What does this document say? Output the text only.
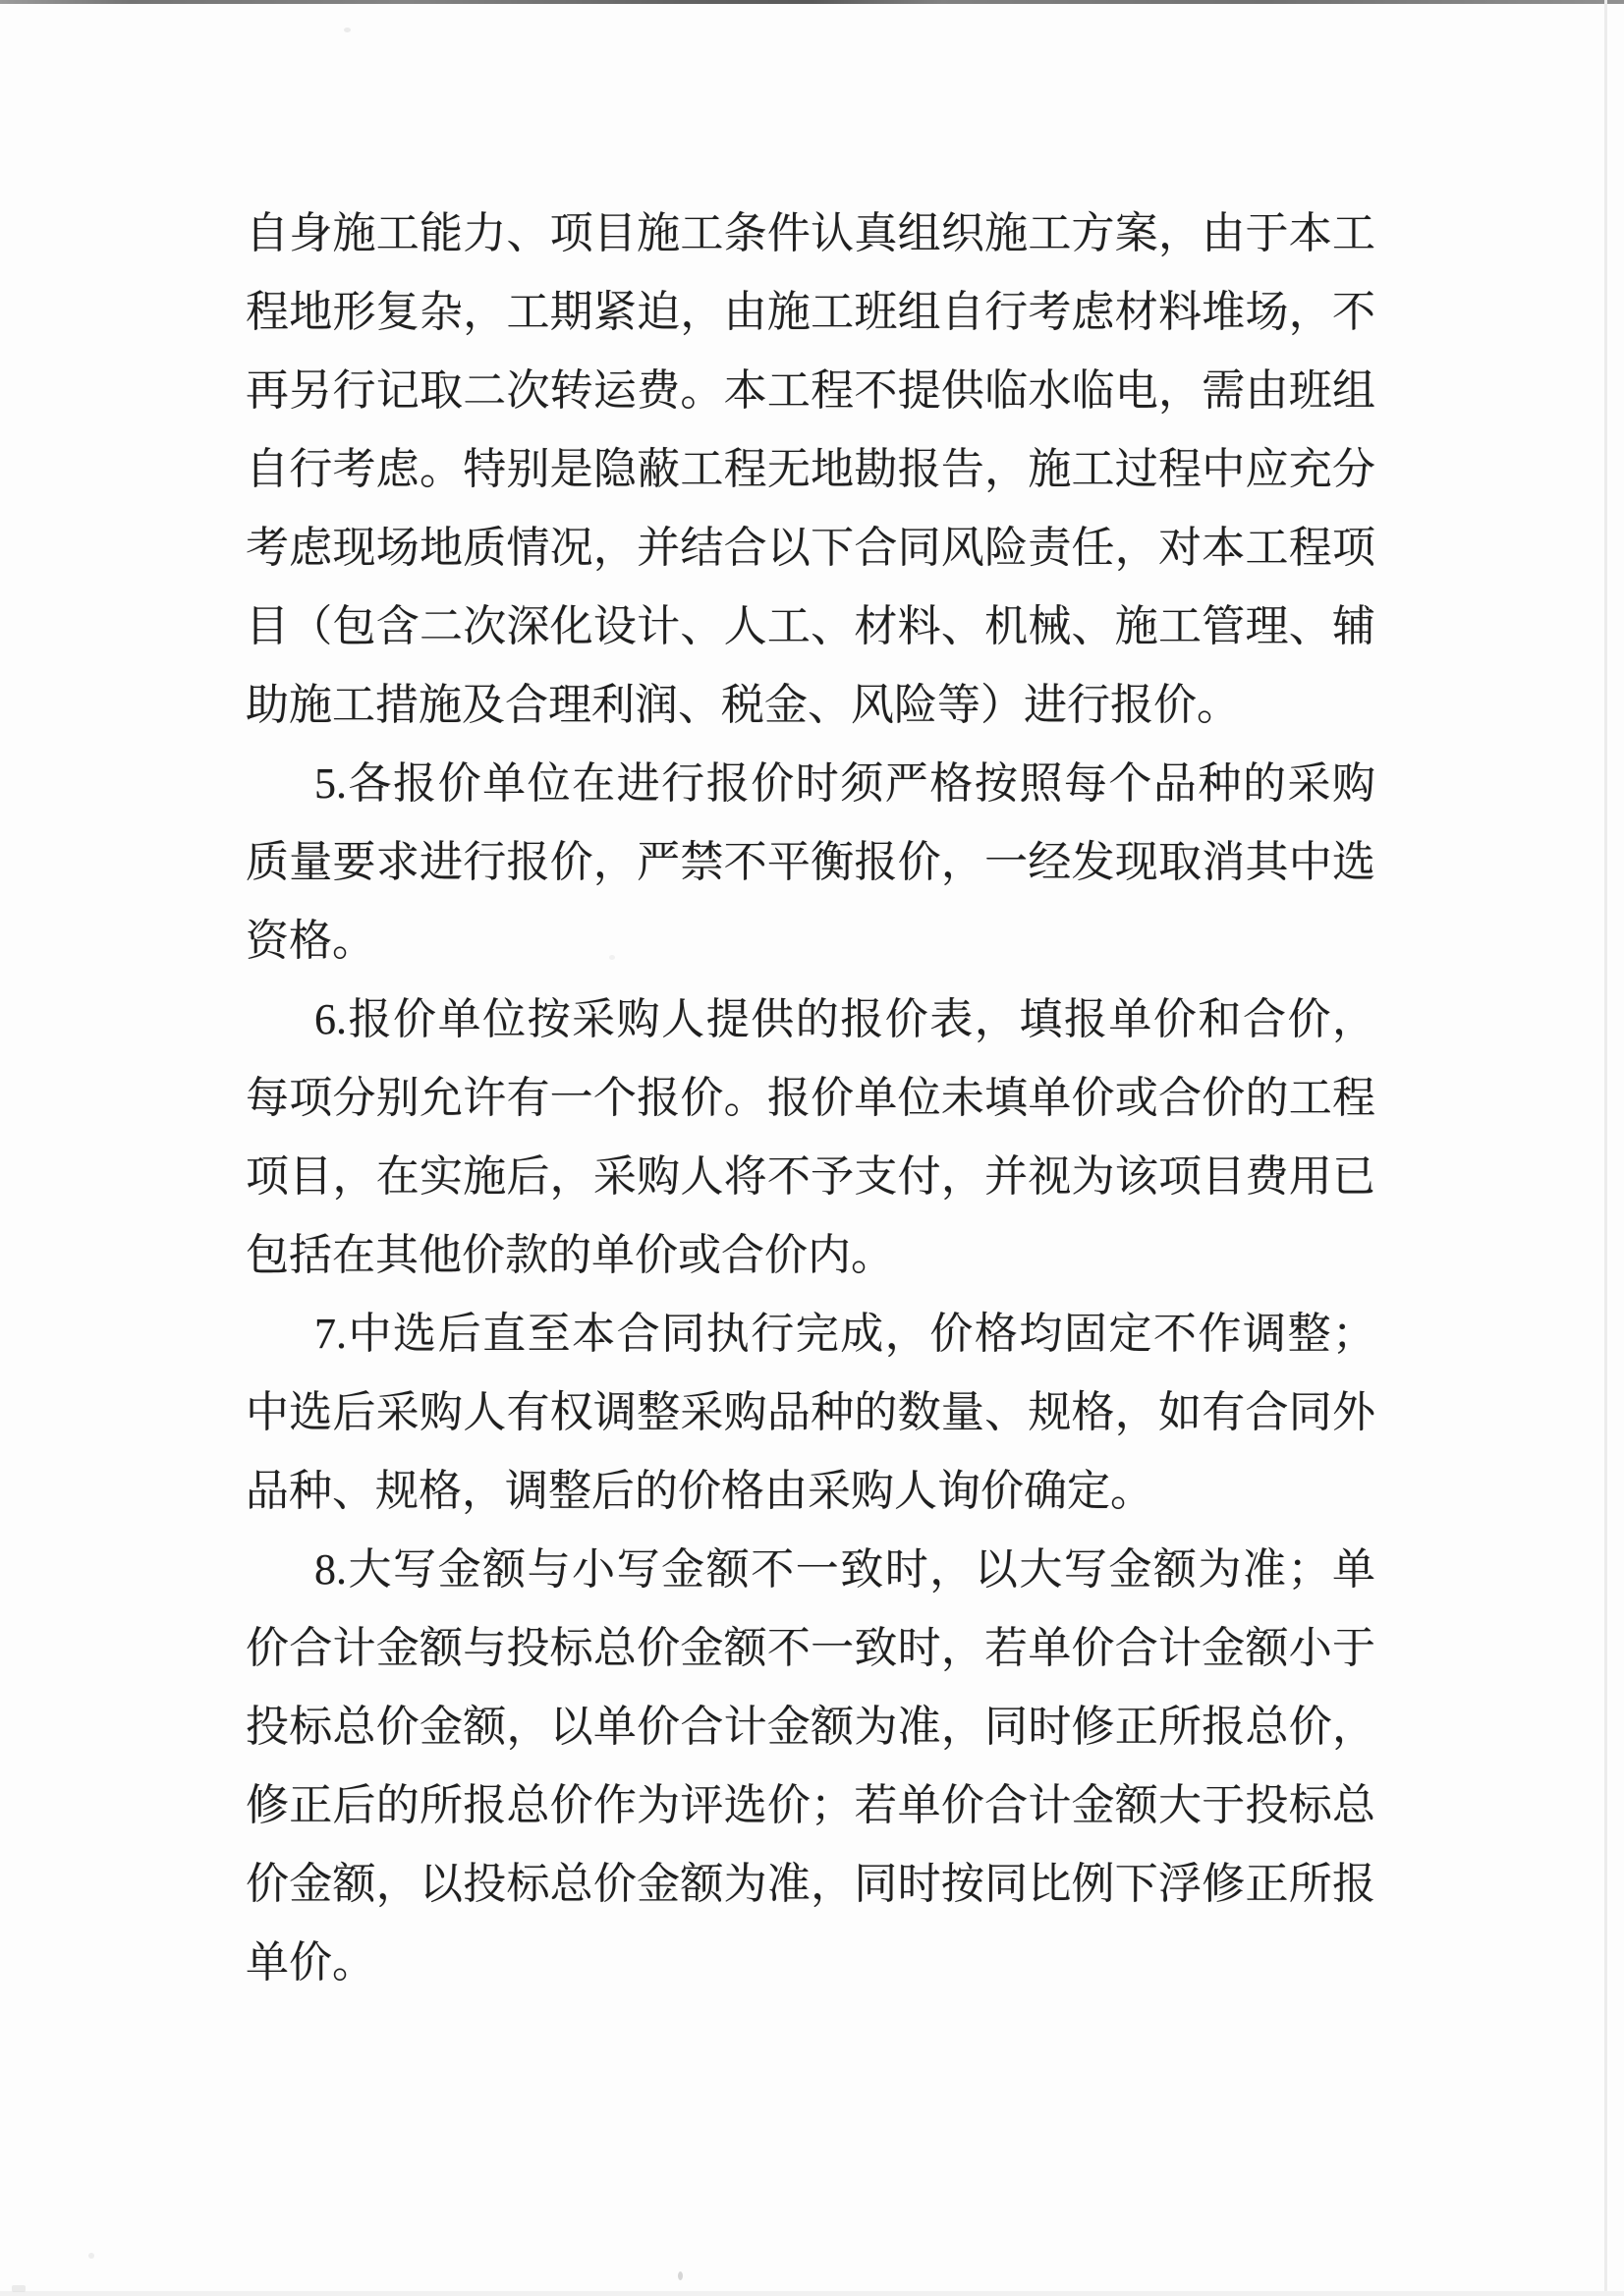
自身施工能力、项目施工条件认真组织施工方案，由于本工
程地形复杂，工期紧迫，由施工班组自行考虑材料堆场，不
再另行记取二次转运费。本工程不提供临水临电，需由班组
自行考虑。特别是隐蔽工程无地勘报告，施工过程中应充分
考虑现场地质情况，并结合以下合同风险责任，对本工程项
目（包含二次深化设计、人工、材料、机械、施工管理、辅
助施工措施及合理利润、税金、风险等）进行报价。
5.各报价单位在进行报价时须严格按照每个品种的采购
质量要求进行报价，严禁不平衡报价，一经发现取消其中选
资格。
6.报价单位按采购人提供的报价表，填报单价和合价，
每项分别允许有一个报价。报价单位未填单价或合价的工程
项目，在实施后，采购人将不予支付，并视为该项目费用已
包括在其他价款的单价或合价内。
7.中选后直至本合同执行完成，价格均固定不作调整；
中选后采购人有权调整采购品种的数量、规格，如有合同外
品种、规格，调整后的价格由采购人询价确定。
8.大写金额与小写金额不一致时，以大写金额为准；单
价合计金额与投标总价金额不一致时，若单价合计金额小于
投标总价金额，以单价合计金额为准，同时修正所报总价，
修正后的所报总价作为评选价；若单价合计金额大于投标总
价金额，以投标总价金额为准，同时按同比例下浮修正所报
单价。
